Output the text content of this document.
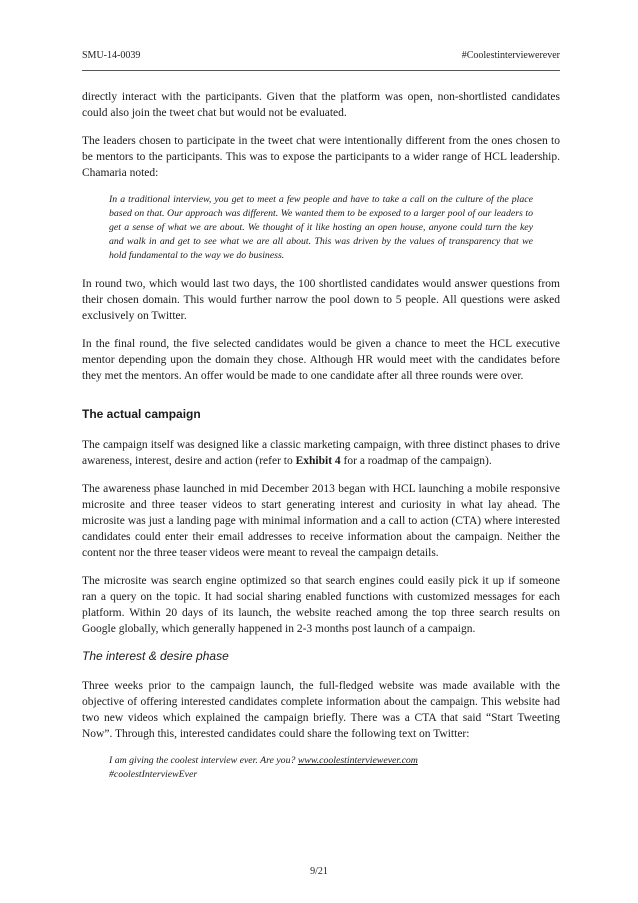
SMU-14-0039	#Coolestinterviewerever

directly interact with the participants. Given that the platform was open, non-shortlisted candidates could also join the tweet chat but would not be evaluated.

The leaders chosen to participate in the tweet chat were intentionally different from the ones chosen to be mentors to the participants. This was to expose the participants to a wider range of HCL leadership. Chamaria noted:

In a traditional interview, you get to meet a few people and have to take a call on the culture of the place based on that. Our approach was different. We wanted them to be exposed to a larger pool of our leaders to get a sense of what we are about. We thought of it like hosting an open house, anyone could turn the key and walk in and get to see what we are all about. This was driven by the values of transparency that we hold fundamental to the way we do business.

In round two, which would last two days, the 100 shortlisted candidates would answer questions from their chosen domain. This would further narrow the pool down to 5 people. All questions were asked exclusively on Twitter.

In the final round, the five selected candidates would be given a chance to meet the HCL executive mentor depending upon the domain they chose. Although HR would meet with the candidates before they met the mentors. An offer would be made to one candidate after all three rounds were over.

The actual campaign

The campaign itself was designed like a classic marketing campaign, with three distinct phases to drive awareness, interest, desire and action (refer to Exhibit 4 for a roadmap of the campaign).

The awareness phase launched in mid December 2013 began with HCL launching a mobile responsive microsite and three teaser videos to start generating interest and curiosity in what lay ahead. The microsite was just a landing page with minimal information and a call to action (CTA) where interested candidates could enter their email addresses to receive information about the campaign. Neither the content nor the three teaser videos were meant to reveal the campaign details.

The microsite was search engine optimized so that search engines could easily pick it up if someone ran a query on the topic. It had social sharing enabled functions with customized messages for each platform. Within 20 days of its launch, the website reached among the top three search results on Google globally, which generally happened in 2-3 months post launch of a campaign.

The interest & desire phase

Three weeks prior to the campaign launch, the full-fledged website was made available with the objective of offering interested candidates complete information about the campaign. This website had two new videos which explained the campaign briefly. There was a CTA that said “Start Tweeting Now”. Through this, interested candidates could share the following text on Twitter:

I am giving the coolest interview ever. Are you? www.coolestinterviewever.com
#coolestInterviewEver
9/21
